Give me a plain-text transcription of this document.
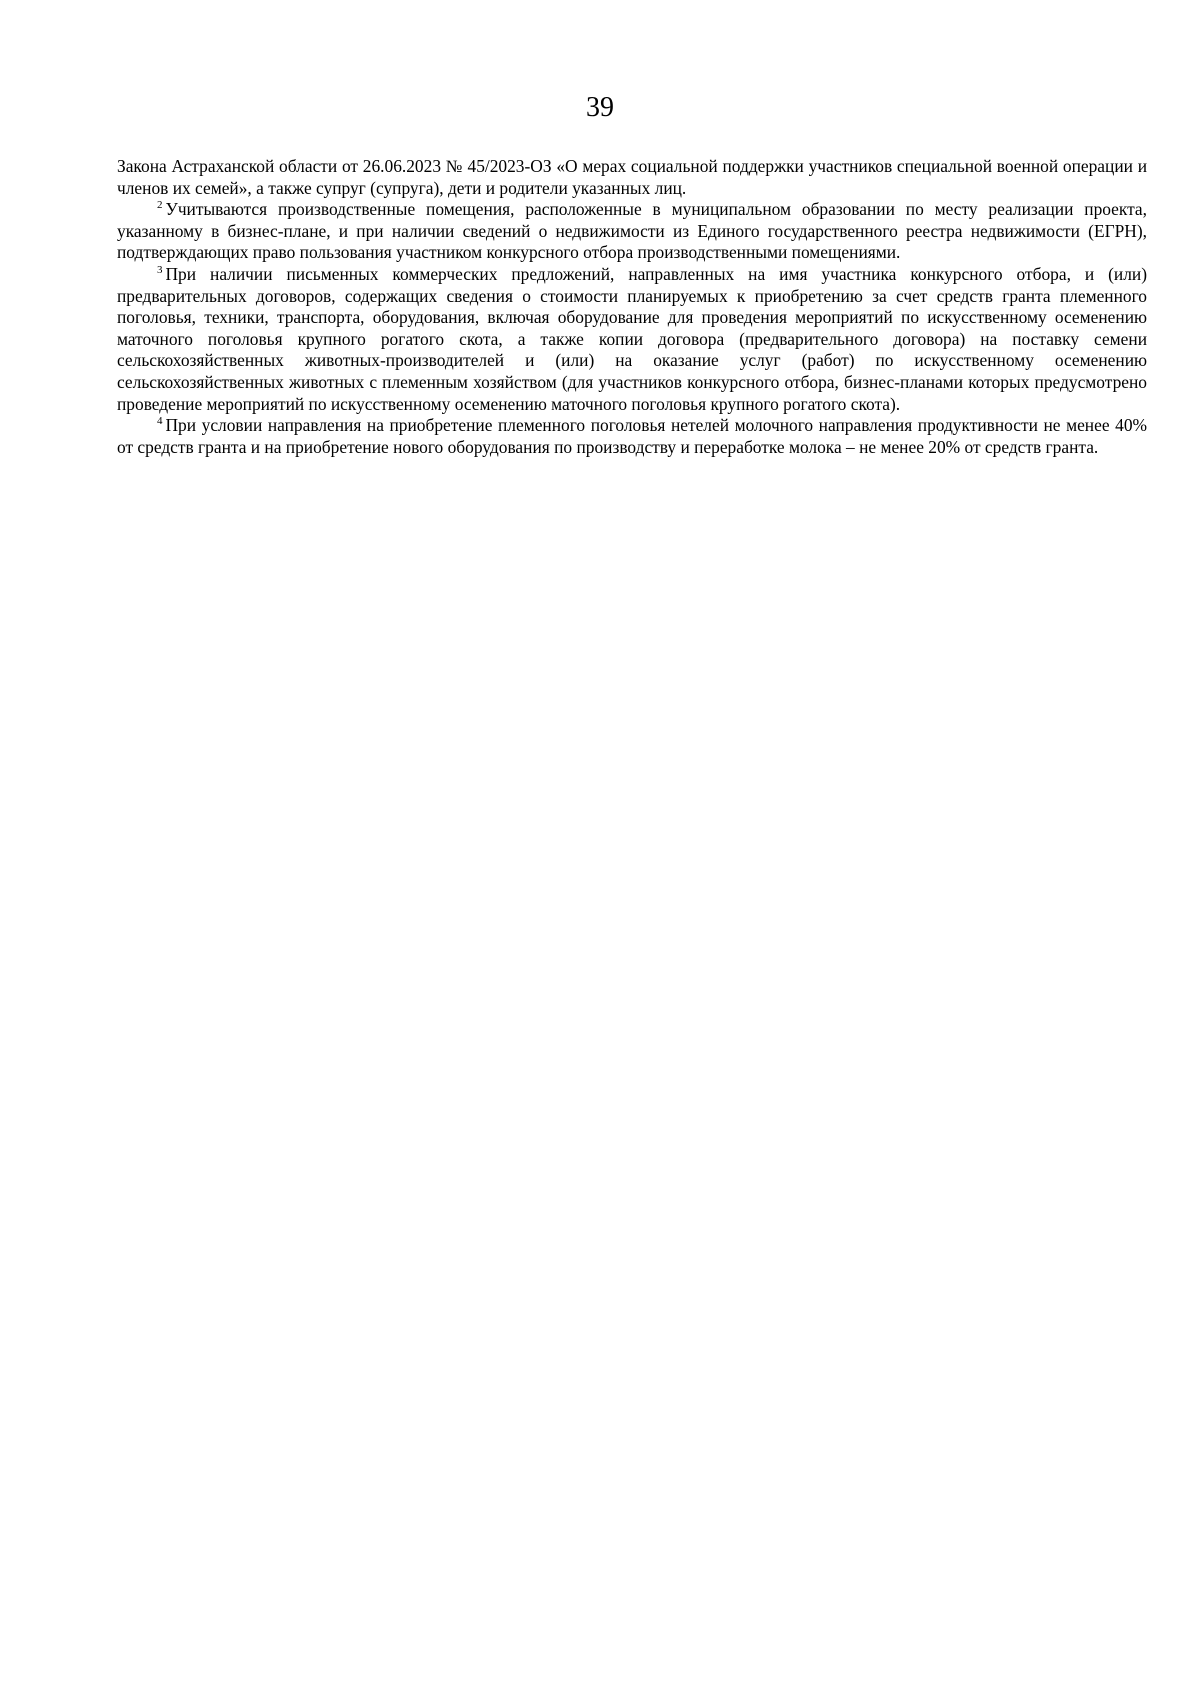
39

Закона Астраханской области от 26.06.2023 № 45/2023-ОЗ «О мерах социальной поддержки участников специальной военной операции и членов их семей», а также супруг (супруга), дети и родители указанных лиц.

$^2$ Учитываются производственные помещения, расположенные в муниципальном образовании по месту реализации проекта, указанному в бизнес-плане, и при наличии сведений о недвижимости из Единого государственного реестра недвижимости (ЕГРН), подтверждающих право пользования участником конкурсного отбора производственными помещениями.

$^3$ При наличии письменных коммерческих предложений, направленных на имя участника конкурсного отбора, и (или) предварительных договоров, содержащих сведения о стоимости планируемых к приобретению за счет средств гранта племенного поголовья, техники, транспорта, оборудования, включая оборудование для проведения мероприятий по искусственному осеменению маточного поголовья крупного рогатого скота, а также копии договора (предварительного договора) на поставку семени сельскохозяйственных животных-производителей и (или) на оказание услуг (работ) по искусственному осеменению сельскохозяйственных животных с племенным хозяйством (для участников конкурсного отбора, бизнес-планами которых предусмотрено проведение мероприятий по искусственному осеменению маточного поголовья крупного рогатого скота).

$^4$ При условии направления на приобретение племенного поголовья нетелей молочного направления продуктивности не менее 40% от средств гранта и на приобретение нового оборудования по производству и переработке молока – не менее 20% от средств гранта.
